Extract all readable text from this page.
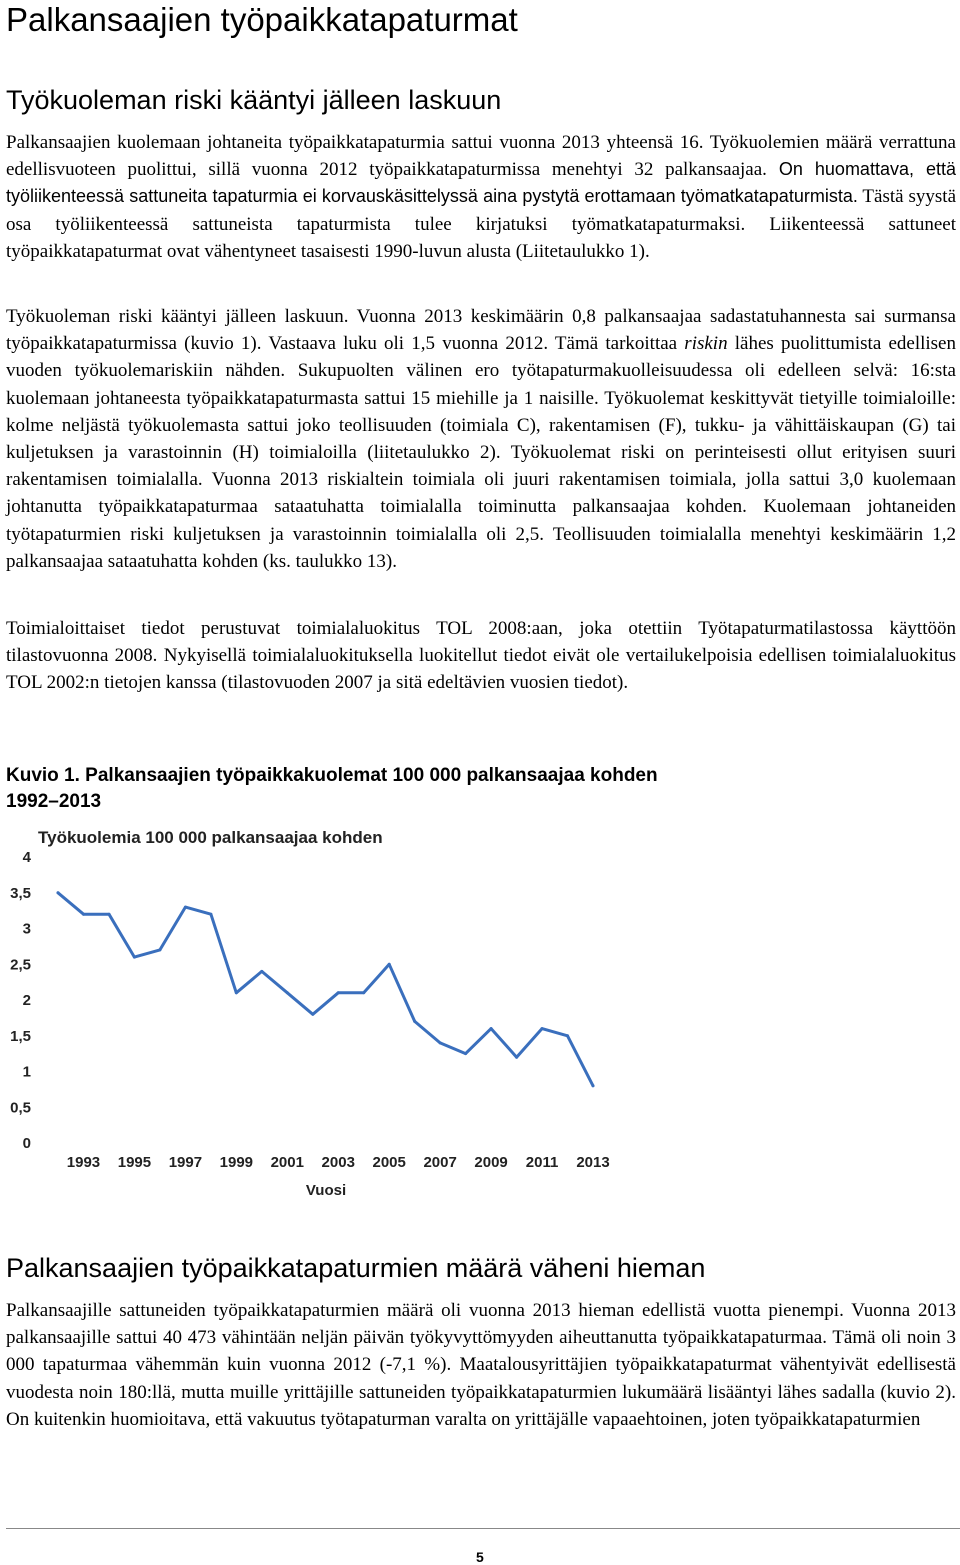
Palkansaajien työpaikkatapaturmat
Työkuoleman riski kääntyi jälleen laskuun

Palkansaajien kuolemaan johtaneita työpaikkatapaturmia sattui vuonna 2013 yhteensä 16. Työkuolemien määrä verrattuna edellisvuoteen puolittui, sillä vuonna 2012 työpaikkatapaturmissa menehtyi 32 palkansaajaa. On huomattava, että työliikenteessä sattuneita tapaturmia ei korvauskäsittelyssä aina pystytä erottamaan työmatkatapaturmista. Tästä syystä osa työliikenteessä sattuneista tapaturmista tulee kirjatuksi työmatkatapaturmaksi. Liikenteessä sattuneet työpaikkatapaturmat ovat vähentyneet tasaisesti 1990-luvun alusta (Liitetaulukko 1).

Työkuoleman riski kääntyi jälleen laskuun. Vuonna 2013 keskimäärin 0,8 palkansaajaa sadastatuhannesta sai surmansa työpaikkatapaturmissa (kuvio 1). Vastaava luku oli 1,5 vuonna 2012. Tämä tarkoittaa riskin lähes puolittumista edellisen vuoden työkuolemariskiin nähden. Sukupuolten välinen ero työtapaturmakuolleisuudessa oli edelleen selvä: 16:sta kuolemaan johtaneesta työpaikkatapaturmasta sattui 15 miehille ja 1 naisille. Työkuolemat keskittyvät tietyille toimialoille: kolme neljästä työkuolemasta sattui joko teollisuuden (toimiala C), rakentamisen (F), tukku- ja vähittäiskaupan (G) tai kuljetuksen ja varastoinnin (H) toimialoilla (liitetaulukko 2). Työkuolemat riski on perinteisesti ollut erityisen suuri rakentamisen toimialalla. Vuonna 2013 riskialtein toimiala oli juuri rakentamisen toimiala, jolla sattui 3,0 kuolemaan johtanutta työpaikkatapaturmaa sataatuhatta toimialalla toiminutta palkansaajaa kohden. Kuolemaan johtaneiden työtapaturmien riski kuljetuksen ja varastoinnin toimialalla oli 2,5. Teollisuuden toimialalla menehtyi keskimäärin 1,2 palkansaajaa sataatuhatta kohden (ks. taulukko 13).

Toimialoittaiset tiedot perustuvat toimialaluokitus TOL 2008:aan, joka otettiin Työtapaturmatilastossa käyttöön tilastovuonna 2008. Nykyisellä toimialaluokituksella luokitellut tiedot eivät ole vertailukelpoisia edellisen toimialaluokitus TOL 2002:n tietojen kanssa (tilastovuoden 2007 ja sitä edeltävien vuosien tiedot).

Kuvio 1. Palkansaajien työpaikkakuolemat 100 000 palkansaajaa kohden 1992–2013
0
0,5
1
1,5
2
2,5
3
3,5
4
1993 1995 1997 1999 2001 2003 2005 2007 2009 2011 2013
Työkuolemia 100 000 palkansaajaa kohden
Vuosi
Palkansaajien työpaikkatapaturmien määrä väheni hieman

Palkansaajille sattuneiden työpaikkatapaturmien määrä oli vuonna 2013 hieman edellistä vuotta pienempi. Vuonna 2013 palkansaajille sattui 40 473 vähintään neljän päivän työkyvyttömyyden aiheuttanutta työpaikkatapaturmaa. Tämä oli noin 3 000 tapaturmaa vähemmän kuin vuonna 2012 (-7,1 %). Maatalousyrittäjien työpaikkatapaturmat vähentyivät edellisestä vuodesta noin 180:llä, mutta muille yrittäjille sattuneiden työpaikkatapaturmien lukumäärä lisääntyi lähes sadalla (kuvio 2). On kuitenkin huomioitava, että vakuutus työtapaturman varalta on yrittäjälle vapaaehtoinen, joten työpaikkatapaturmien

5
